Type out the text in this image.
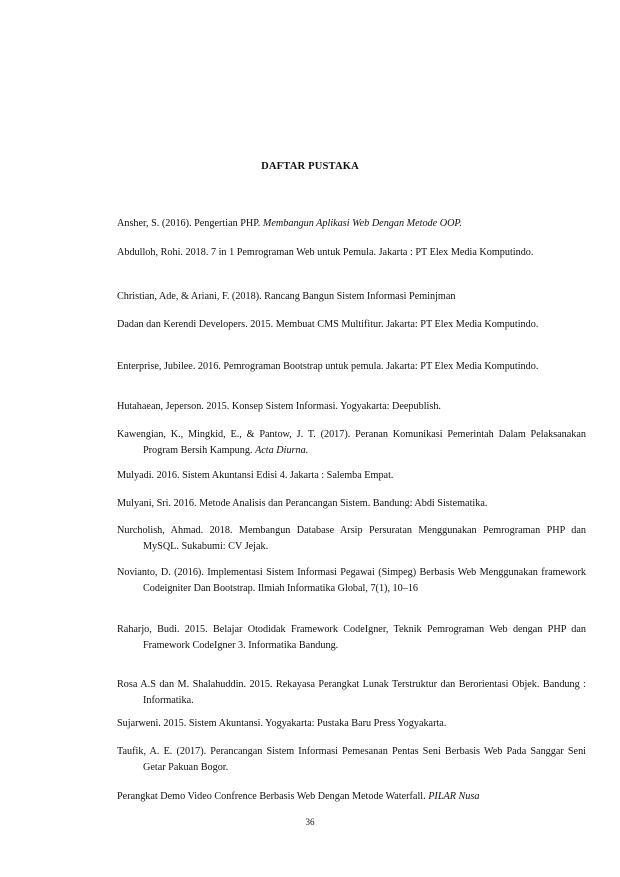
DAFTAR PUSTAKA
Ansher, S. (2016). Pengertian PHP. Membangun Aplikasi Web Dengan Metode OOP.
Abdulloh, Rohi. 2018. 7 in 1 Pemrograman Web untuk Pemula. Jakarta : PT Elex Media Komputindo.
Christian, Ade, & Ariani, F. (2018). Rancang Bangun Sistem Informasi Peminjman
Dadan dan Kerendi Developers. 2015. Membuat CMS Multifitur. Jakarta: PT Elex Media Komputindo.
Enterprise, Jubilee. 2016. Pemrograman Bootstrap untuk pemula. Jakarta: PT Elex Media Komputindo.
Hutahaean, Jeperson. 2015. Konsep Sistem Informasi. Yogyakarta: Deepublish.
Kawengian, K., Mingkid, E., & Pantow, J. T. (2017). Peranan Komunikasi Pemerintah Dalam Pelaksanakan Program Bersih Kampung. Acta Diurna.
Mulyadi. 2016. Sistem Akuntansi Edisi 4. Jakarta : Salemba Empat.
Mulyani, Sri. 2016. Metode Analisis dan Perancangan Sistem. Bandung: Abdi Sistematika.
Nurcholish, Ahmad. 2018. Membangun Database Arsip Persuratan Menggunakan Pemrograman PHP dan MySQL. Sukabumi: CV Jejak.
Novianto, D. (2016). Implementasi Sistem Informasi Pegawai (Simpeg) Berbasis Web Menggunakan framework Codeigniter Dan Bootstrap. Ilmiah Informatika Global, 7(1), 10–16
Raharjo, Budi. 2015. Belajar Otodidak Framework CodeIgner, Teknik Pemrograman Web dengan PHP dan Framework CodeIgner 3. Informatika Bandung.
Rosa A.S dan M. Shalahuddin. 2015. Rekayasa Perangkat Lunak Terstruktur dan Berorientasi Objek. Bandung : Informatika.
Sujarweni. 2015. Sistem Akuntansi. Yogyakarta: Pustaka Baru Press Yogyakarta.
Taufik, A. E. (2017). Perancangan Sistem Informasi Pemesanan Pentas Seni Berbasis Web Pada Sanggar Seni Getar Pakuan Bogor.
Perangkat Demo Video Confrence Berbasis Web Dengan Metode Waterfall. PILAR Nusa
36
